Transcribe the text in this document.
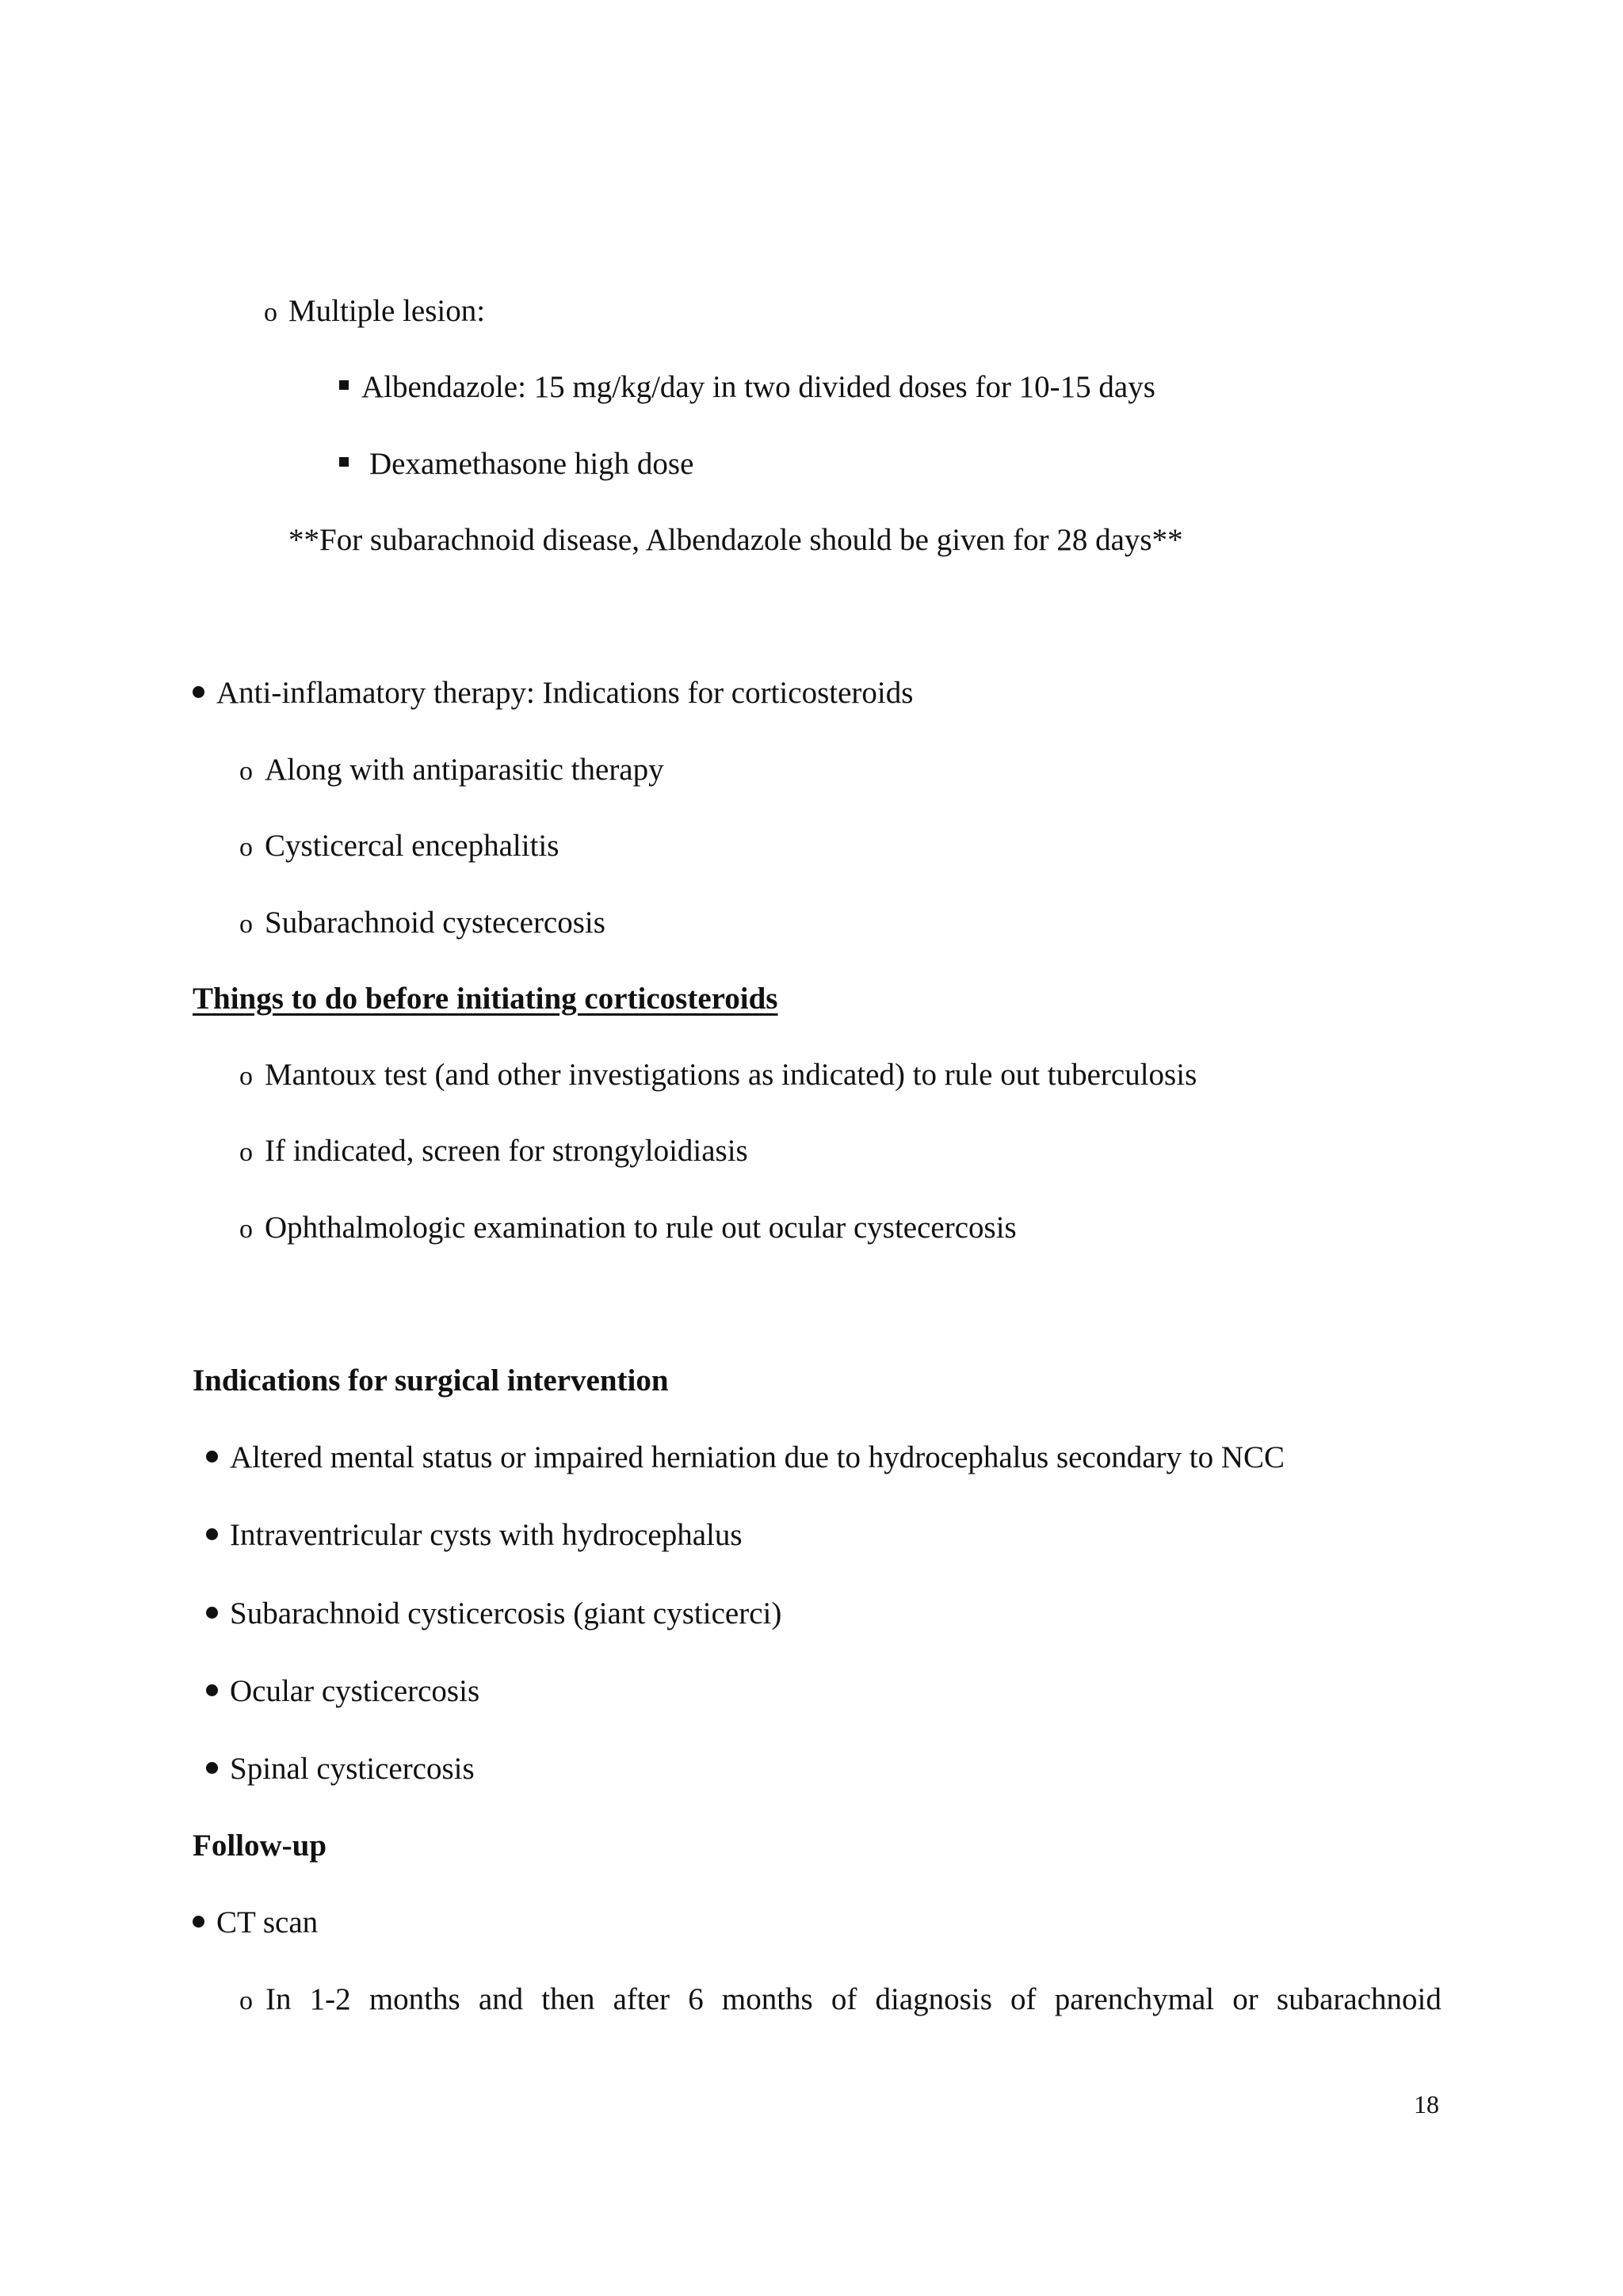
o Multiple lesion:
Albendazole: 15 mg/kg/day in two divided doses for 10-15 days
Dexamethasone high dose
**For subarachnoid disease, Albendazole should be given for 28 days**
Anti-inflamatory therapy: Indications for corticosteroids
o Along with antiparasitic therapy
o Cysticercal encephalitis
o Subarachnoid cystecercosis
Things to do before initiating corticosteroids
o Mantoux test (and other investigations as indicated) to rule out tuberculosis
o If indicated, screen for strongyloidiasis
o Ophthalmologic examination to rule out ocular cystecercosis
Indications for surgical intervention
Altered mental status or impaired herniation due to hydrocephalus secondary to NCC
Intraventricular cysts with hydrocephalus
Subarachnoid cysticercosis (giant cysticerci)
Ocular cysticercosis
Spinal cysticercosis
Follow-up
CT scan
o In 1-2 months and then after 6 months of diagnosis of parenchymal or subarachnoid
18
